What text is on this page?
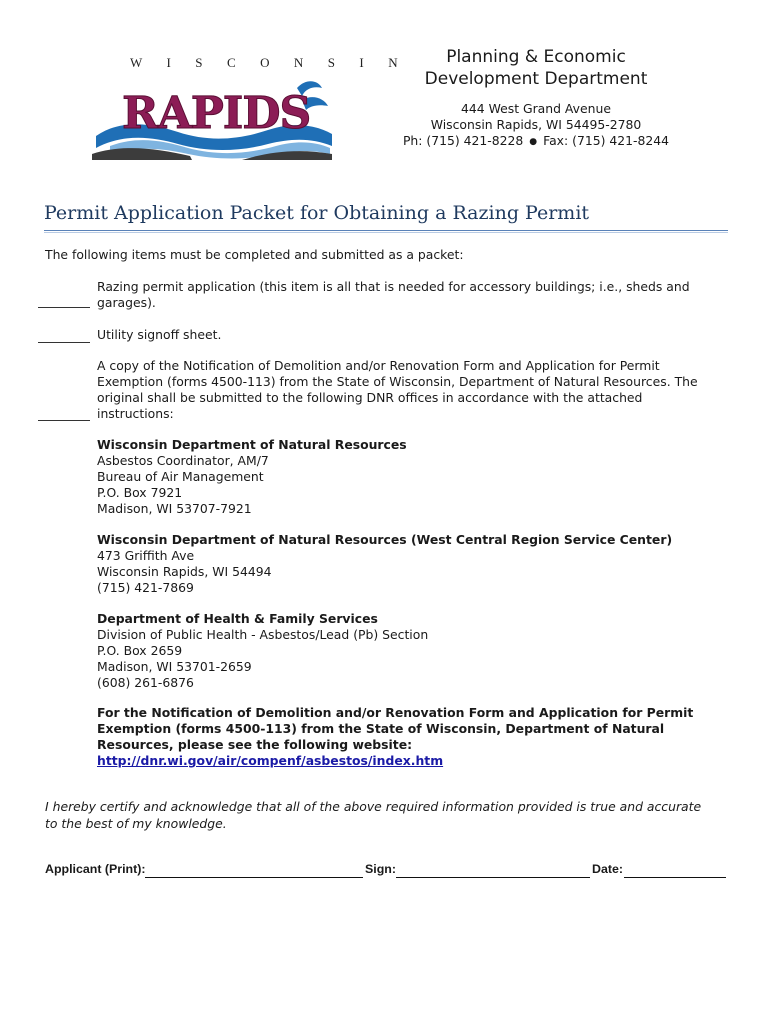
W I S C O N S I N

RAPIDS
Planning & Economic
Development Department
444 West Grand Avenue
Wisconsin Rapids, WI 54495-2780
Ph: (715) 421-8228 ● Fax: (715) 421-8244
Permit Application Packet for Obtaining a Razing Permit
The following items must be completed and submitted as a packet:
Razing permit application (this item is all that is needed for accessory buildings; i.e., sheds and
garages).
Utility signoff sheet.
A copy of the Notification of Demolition and/or Renovation Form and Application for Permit
Exemption (forms 4500-113) from the State of Wisconsin, Department of Natural Resources. The
original shall be submitted to the following DNR offices in accordance with the attached
instructions:
Wisconsin Department of Natural Resources
Asbestos Coordinator, AM/7
Bureau of Air Management
P.O. Box 7921
Madison, WI 53707-7921
Wisconsin Department of Natural Resources (West Central Region Service Center)
473 Griffith Ave
Wisconsin Rapids, WI 54494
(715) 421-7869
Department of Health & Family Services
Division of Public Health - Asbestos/Lead (Pb) Section
P.O. Box 2659
Madison, WI 53701-2659
(608) 261-6876
For the Notification of Demolition and/or Renovation Form and Application for Permit
Exemption (forms 4500-113) from the State of Wisconsin, Department of Natural
Resources, please see the following website:
http://dnr.wi.gov/air/compenf/asbestos/index.htm
I hereby certify and acknowledge that all of the above required information provided is true and accurate
to the best of my knowledge.
Applicant (Print):	Sign:	Date:
